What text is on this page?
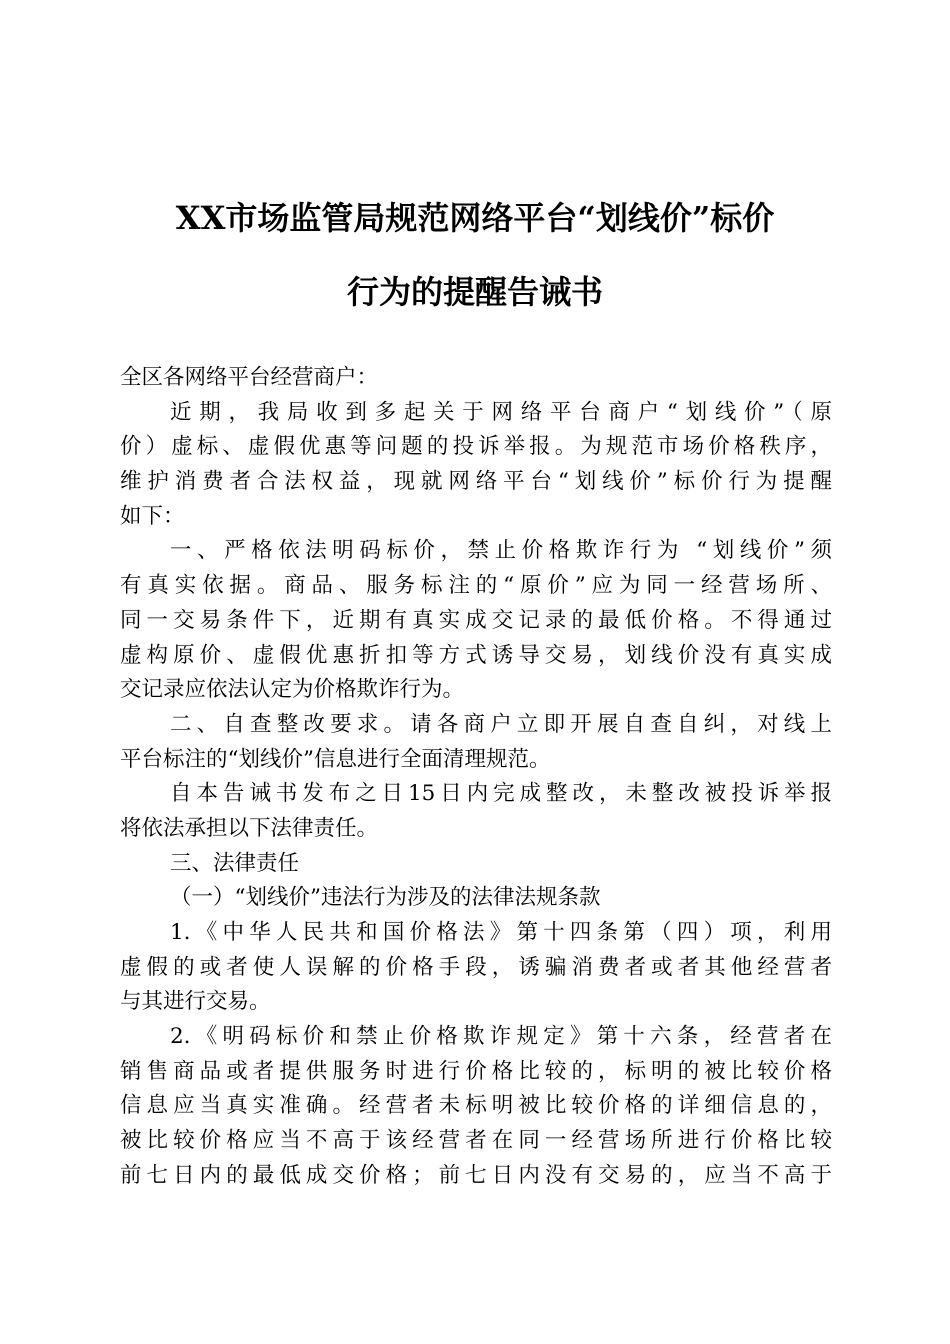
XX市场监管局规范网络平台“划线价”标价
行为的提醒告诫书
全区各网络平台经营商户：
近期，我局收到多起关于网络平台商户“划线价”（原
价）虚标、虚假优惠等问题的投诉举报。为规范市场价格秩序，
维护消费者合法权益，现就网络平台“划线价”标价行为提醒
如下：
一、严格依法明码标价，禁止价格欺诈行为 “划线价”须
有真实依据。商品、服务标注的“原价”应为同一经营场所、
同一交易条件下，近期有真实成交记录的最低价格。不得通过
虚构原价、虚假优惠折扣等方式诱导交易，划线价没有真实成
交记录应依法认定为价格欺诈行为。
二、自查整改要求。请各商户立即开展自查自纠，对线上
平台标注的“划线价”信息进行全面清理规范。
自本告诫书发布之日15日内完成整改，未整改被投诉举报
将依法承担以下法律责任。
三、法律责任
（一）“划线价”违法行为涉及的法律法规条款
1.《中华人民共和国价格法》第十四条第（四）项，利用
虚假的或者使人误解的价格手段，诱骗消费者或者其他经营者
与其进行交易。
2.《明码标价和禁止价格欺诈规定》第十六条，经营者在
销售商品或者提供服务时进行价格比较的，标明的被比较价格
信息应当真实准确。经营者未标明被比较价格的详细信息的，
被比较价格应当不高于该经营者在同一经营场所进行价格比较
前七日内的最低成交价格；前七日内没有交易的，应当不高于
